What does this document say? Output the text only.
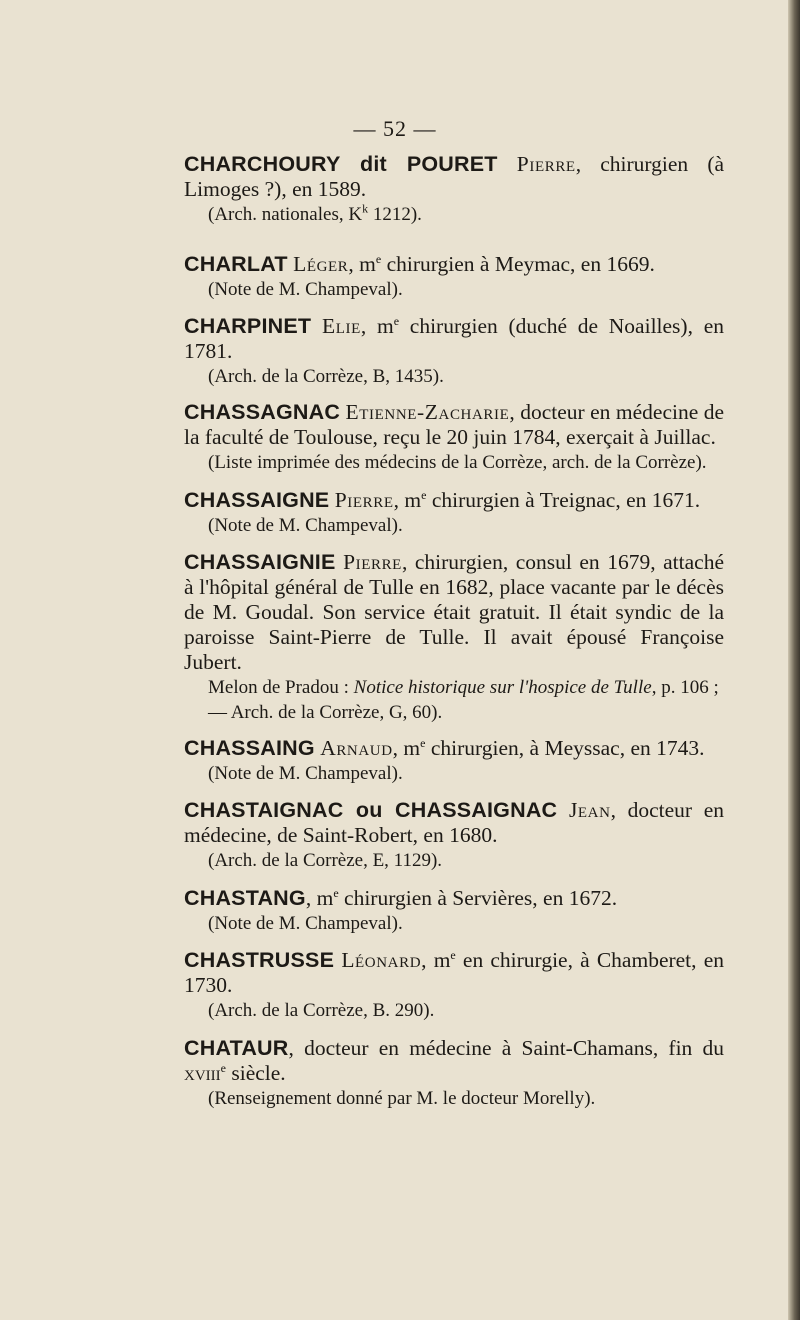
— 52 —

CHARCHOURY dit POURET Pierre, chirurgien (à Limoges ?), en 1589.

(Arch. nationales, $K^k$ 1212).

CHARLAT Léger, $m^e$ chirurgien à Meymac, en 1669.

(Note de M. Champeval).

CHARPINET Elie, $m^e$ chirurgien (duché de Noailles), en 1781.

(Arch. de la Corrèze, B, 1435).

CHASSAGNAC Etienne-Zacharie, docteur en médecine de la faculté de Toulouse, reçu le 20 juin 1784, exerçait à Juillac.

(Liste imprimée des médecins de la Corrèze, arch. de la Corrèze).

CHASSAIGNE Pierre, $m^e$ chirurgien à Treignac, en 1671.

(Note de M. Champeval).

CHASSAIGNIE Pierre, chirurgien, consul en 1679, attaché à l'hôpital général de Tulle en 1682, place vacante par le décès de M. Goudal. Son service était gratuit. Il était syndic de la paroisse Saint-Pierre de Tulle. Il avait épousé Françoise Jubert.

Melon de Pradou : Notice historique sur l'hospice de Tulle, p. 106 ; — Arch. de la Corrèze, G, 60).

CHASSAING Arnaud, $m^e$ chirurgien, à Meyssac, en 1743.

(Note de M. Champeval).

CHASTAIGNAC ou CHASSAIGNAC Jean, docteur en médecine, de Saint-Robert, en 1680.

(Arch. de la Corrèze, E, 1129).

CHASTANG, $m^e$ chirurgien à Servières, en 1672.

(Note de M. Champeval).

CHASTRUSSE Léonard, $m^e$ en chirurgie, à Chamberet, en 1730.

(Arch. de la Corrèze, B. 290).

CHATAUR, docteur en médecine à Saint-Chamans, fin du xviii$^e$ siècle.

(Renseignement donné par M. le docteur Morelly).
